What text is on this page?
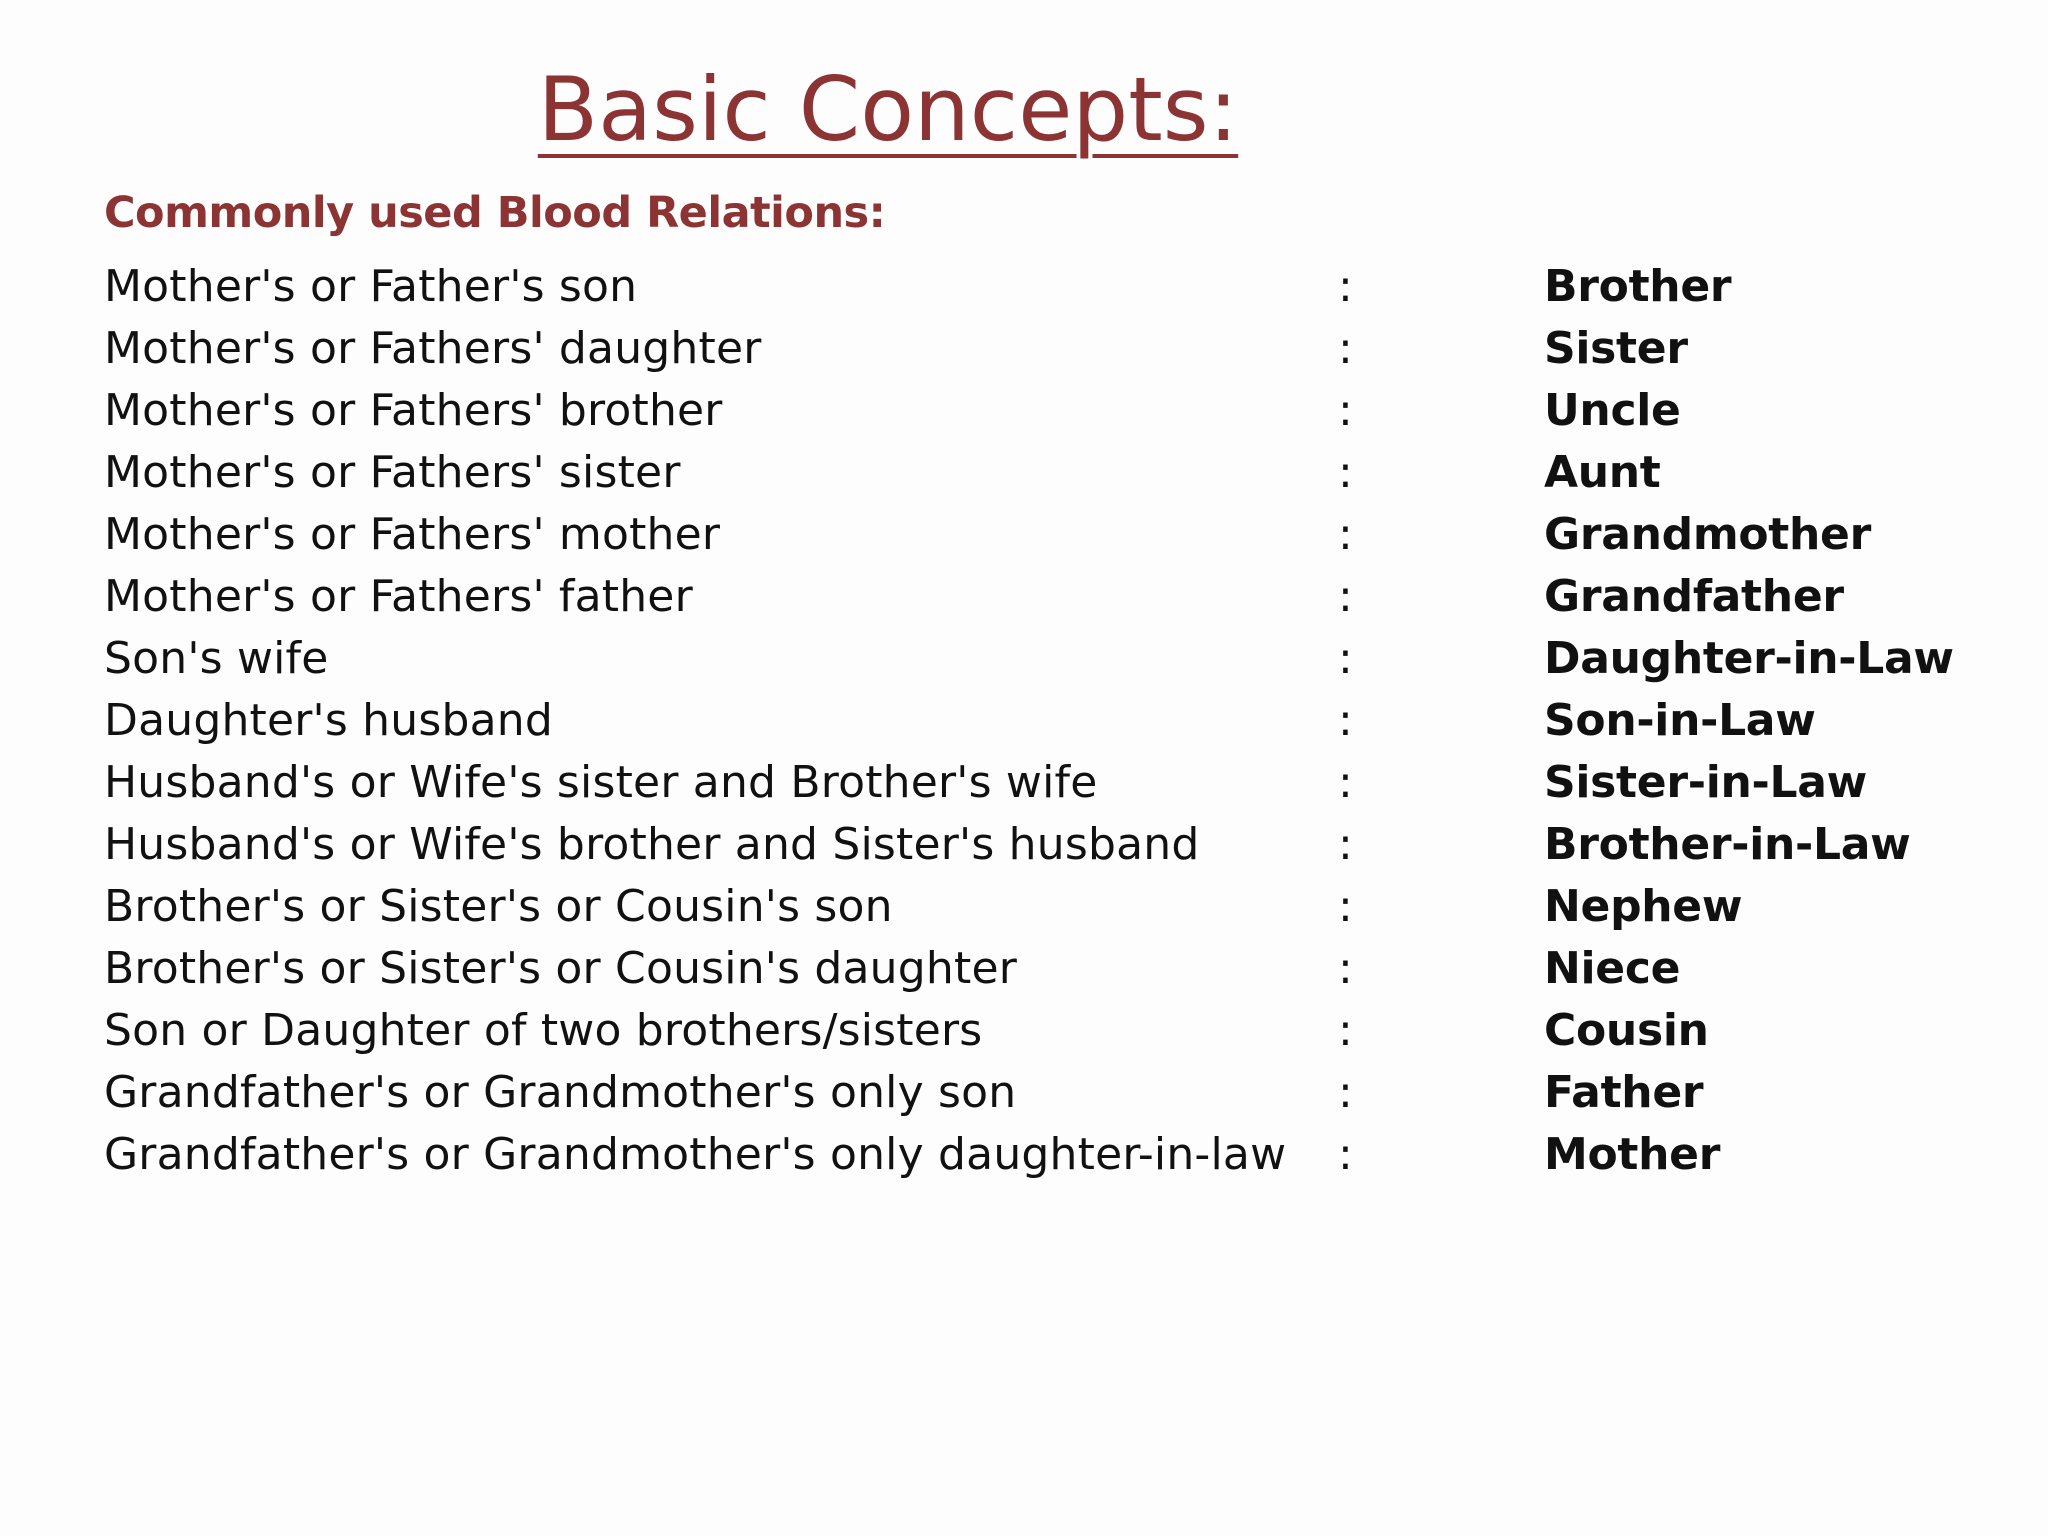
Basic Concepts:
Commonly used Blood Relations:
Mother's or Father's son	:	Brother
Mother's or Fathers' daughter	:	Sister
Mother's or Fathers' brother	:	Uncle
Mother's or Fathers' sister	:	Aunt
Mother's or Fathers' mother	:	Grandmother
Mother's or Fathers' father	:	Grandfather
Son's wife	:	Daughter-in-Law
Daughter's husband	:	Son-in-Law
Husband's or Wife's sister and Brother's wife	:	Sister-in-Law
Husband's or Wife's brother and Sister's husband	:	Brother-in-Law
Brother's or Sister's or Cousin's son	:	Nephew
Brother's or Sister's or Cousin's daughter	:	Niece
Son or Daughter of two brothers/sisters	:	Cousin
Grandfather's or Grandmother's only son	:	Father
Grandfather's or Grandmother's only daughter-in-law :	Mother
